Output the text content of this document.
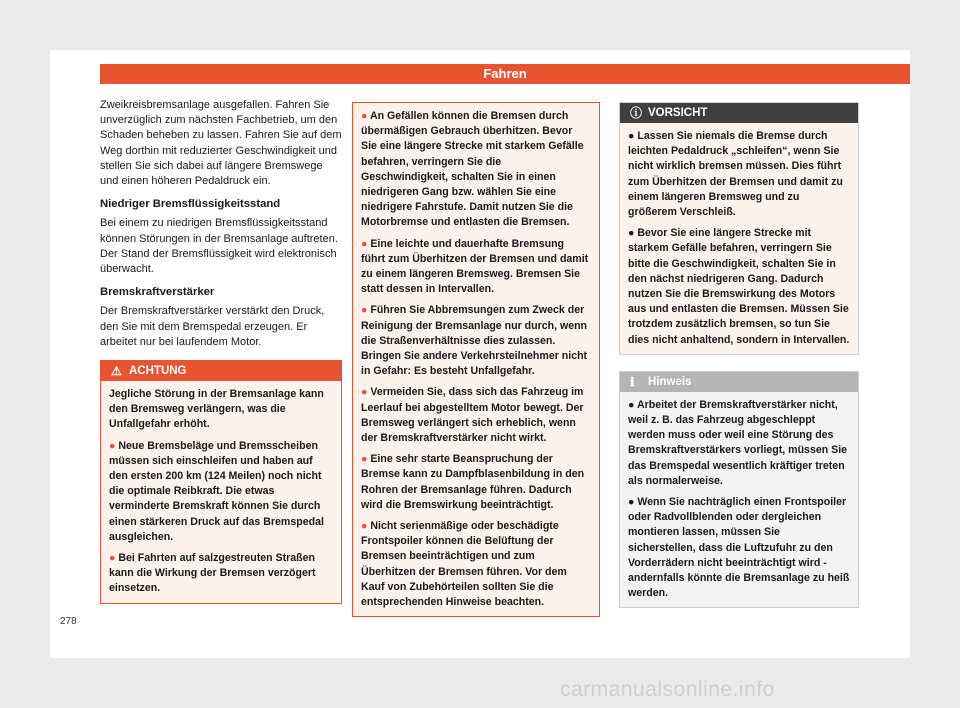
Fahren

Zweikreisbremsanlage ausgefallen. Fahren Sie unverzüglich zum nächsten Fachbetrieb, um den Schaden beheben zu lassen. Fahren Sie auf dem Weg dorthin mit reduzierter Geschwindigkeit und stellen Sie sich dabei auf längere Bremswege und einen höheren Pedaldruck ein.

Niedriger Bremsflüssigkeitsstand

Bei einem zu niedrigen Bremsflüssigkeitsstand können Störungen in der Bremsanlage auftreten. Der Stand der Bremsflüssigkeit wird elektronisch überwacht.

Bremskraftverstärker

Der Bremskraftverstärker verstärkt den Druck, den Sie mit dem Bremspedal erzeugen. Er arbeitet nur bei laufendem Motor.

⚠ ACHTUNG

Jegliche Störung in der Bremsanlage kann den Bremsweg verlängern, was die Unfallgefahr erhöht.

● Neue Bremsbeläge und Bremsscheiben müssen sich einschleifen und haben auf den ersten 200 km (124 Meilen) noch nicht die optimale Reibkraft. Die etwas verminderte Bremskraft können Sie durch einen stärkeren Druck auf das Bremspedal ausgleichen.

● Bei Fahrten auf salzgestreuten Straßen kann die Wirkung der Bremsen verzögert einsetzen.

● An Gefällen können die Bremsen durch übermäßigen Gebrauch überhitzen. Bevor Sie eine längere Strecke mit starkem Gefälle befahren, verringern Sie die Geschwindigkeit, schalten Sie in einen niedrigeren Gang bzw. wählen Sie eine niedrigere Fahrstufe. Damit nutzen Sie die Motorbremse und entlasten die Bremsen.

● Eine leichte und dauerhafte Bremsung führt zum Überhitzen der Bremsen und damit zu einem längeren Bremsweg. Bremsen Sie statt dessen in Intervallen.

● Führen Sie Abbremsungen zum Zweck der Reinigung der Bremsanlage nur durch, wenn die Straßenverhältnisse dies zulassen. Bringen Sie andere Verkehrsteilnehmer nicht in Gefahr: Es besteht Unfallgefahr.

● Vermeiden Sie, dass sich das Fahrzeug im Leerlauf bei abgestelltem Motor bewegt. Der Bremsweg verlängert sich erheblich, wenn der Bremskraftverstärker nicht wirkt.

● Eine sehr starte Beanspruchung der Bremse kann zu Dampfblasenbildung in den Rohren der Bremsanlage führen. Dadurch wird die Bremswirkung beeinträchtigt.

● Nicht serienmäßige oder beschädigte Frontspoiler können die Belüftung der Bremsen beeinträchtigen und zum Überhitzen der Bremsen führen. Vor dem Kauf von Zubehörteilen sollten Sie die entsprechenden Hinweise beachten.

ⓘ VORSICHT

● Lassen Sie niemals die Bremse durch leichten Pedaldruck „schleifen“, wenn Sie nicht wirklich bremsen müssen. Dies führt zum Überhitzen der Bremsen und damit zu einem längeren Bremsweg und zu größerem Verschleiß.

● Bevor Sie eine längere Strecke mit starkem Gefälle befahren, verringern Sie bitte die Geschwindigkeit, schalten Sie in den nächst niedrigeren Gang. Dadurch nutzen Sie die Bremswirkung des Motors aus und entlasten die Bremsen. Müssen Sie trotzdem zusätzlich bremsen, so tun Sie dies nicht anhaltend, sondern in Intervallen.

ℹ Hinweis

● Arbeitet der Bremskraftverstärker nicht, weil z. B. das Fahrzeug abgeschleppt werden muss oder weil eine Störung des Bremskraftverstärkers vorliegt, müssen Sie das Bremspedal wesentlich kräftiger treten als normalerweise.

● Wenn Sie nachträglich einen Frontspoiler oder Radvollblenden oder dergleichen montieren lassen, müssen Sie sicherstellen, dass die Luftzufuhr zu den Vorderrädern nicht beeinträchtigt wird - andernfalls könnte die Bremsanlage zu heiß werden.

278
carmanualsonline.info
